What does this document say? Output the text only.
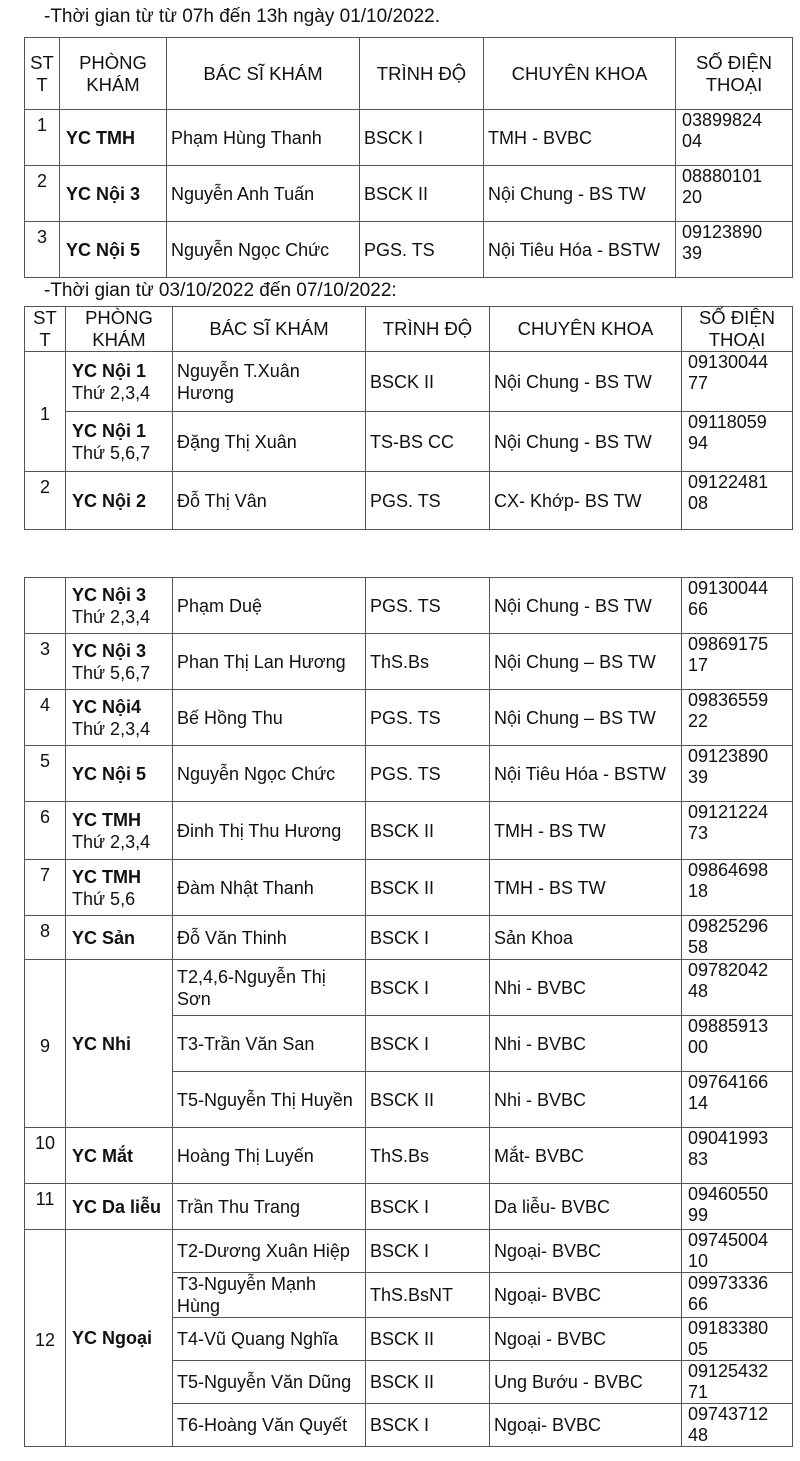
-Thời gian từ từ 07h đến 13h ngày 01/10/2022.
ST T	PHÒNG KHÁM	BÁC SĨ KHÁM	TRÌNH ĐỘ	CHUYÊN KHOA	SỐ ĐIỆN THOẠI
1	YC TMH	Phạm Hùng Thanh	BSCK I	TMH - BVBC	03899824
04
2	YC Nội 3	Nguyễn Anh Tuấn	BSCK II	Nội Chung - BS TW	08880101
20
3	YC Nội 5	Nguyễn Ngọc Chức	PGS. TS	Nội Tiêu Hóa - BSTW	09123890
39
-Thời gian từ 03/10/2022 đến 07/10/2022:
ST T	PHÒNG KHÁM	BÁC SĨ KHÁM	TRÌNH ĐỘ	CHUYÊN KHOA	SỐ ĐIỆN THOẠI
1	YC Nội 1
Thứ 2,3,4	Nguyễn T.Xuân Hương	BSCK II	Nội Chung - BS TW	09130044
77
	YC Nội 1
Thứ 5,6,7	Đặng Thị Xuân	TS-BS CC	Nội Chung - BS TW	09118059
94
2	YC Nội 2	Đỗ Thị Vân	PGS. TS	CX- Khớp- BS TW	09122481
08
	YC Nội 3
Thứ 2,3,4	Phạm Duệ	PGS. TS	Nội Chung - BS TW	09130044
66
3	YC Nội 3
Thứ 5,6,7	Phan Thị Lan Hương	ThS.Bs	Nội Chung – BS TW	09869175
17
4	YC Nội4
Thứ 2,3,4	Bế Hồng Thu	PGS. TS	Nội Chung – BS TW	09836559
22
5	YC Nội 5	Nguyễn Ngọc Chức	PGS. TS	Nội Tiêu Hóa - BSTW	09123890
39
6	YC TMH
Thứ 2,3,4	Đinh Thị Thu Hương	BSCK II	TMH - BS TW	09121224
73
7	YC TMH
Thứ 5,6	Đàm Nhật Thanh	BSCK II	TMH - BS TW	09864698
18
8	YC Sản	Đỗ Văn Thinh	BSCK I	Sản Khoa	09825296
58
9	YC Nhi	T2,4,6-Nguyễn Thị Sơn	BSCK I	Nhi - BVBC	09782042
48
		T3-Trần Văn San	BSCK I	Nhi - BVBC	09885913
00
		T5-Nguyễn Thị Huyền	BSCK II	Nhi - BVBC	09764166
14
10	YC Mắt	Hoàng Thị Luyến	ThS.Bs	Mắt- BVBC	09041993
83
11	YC Da liễu	Trần Thu Trang	BSCK I	Da liễu- BVBC	09460550
99
12	YC Ngoại	T2-Dương Xuân Hiệp	BSCK I	Ngoại- BVBC	09745004
10
		T3-Nguyễn Mạnh Hùng	ThS.BsNT	Ngoại- BVBC	09973336
66
		T4-Vũ Quang Nghĩa	BSCK II	Ngoại - BVBC	09183380
05
		T5-Nguyễn Văn Dũng	BSCK II	Ung Bướu - BVBC	09125432
71
		T6-Hoàng Văn Quyết	BSCK I	Ngoại- BVBC	09743712
48
